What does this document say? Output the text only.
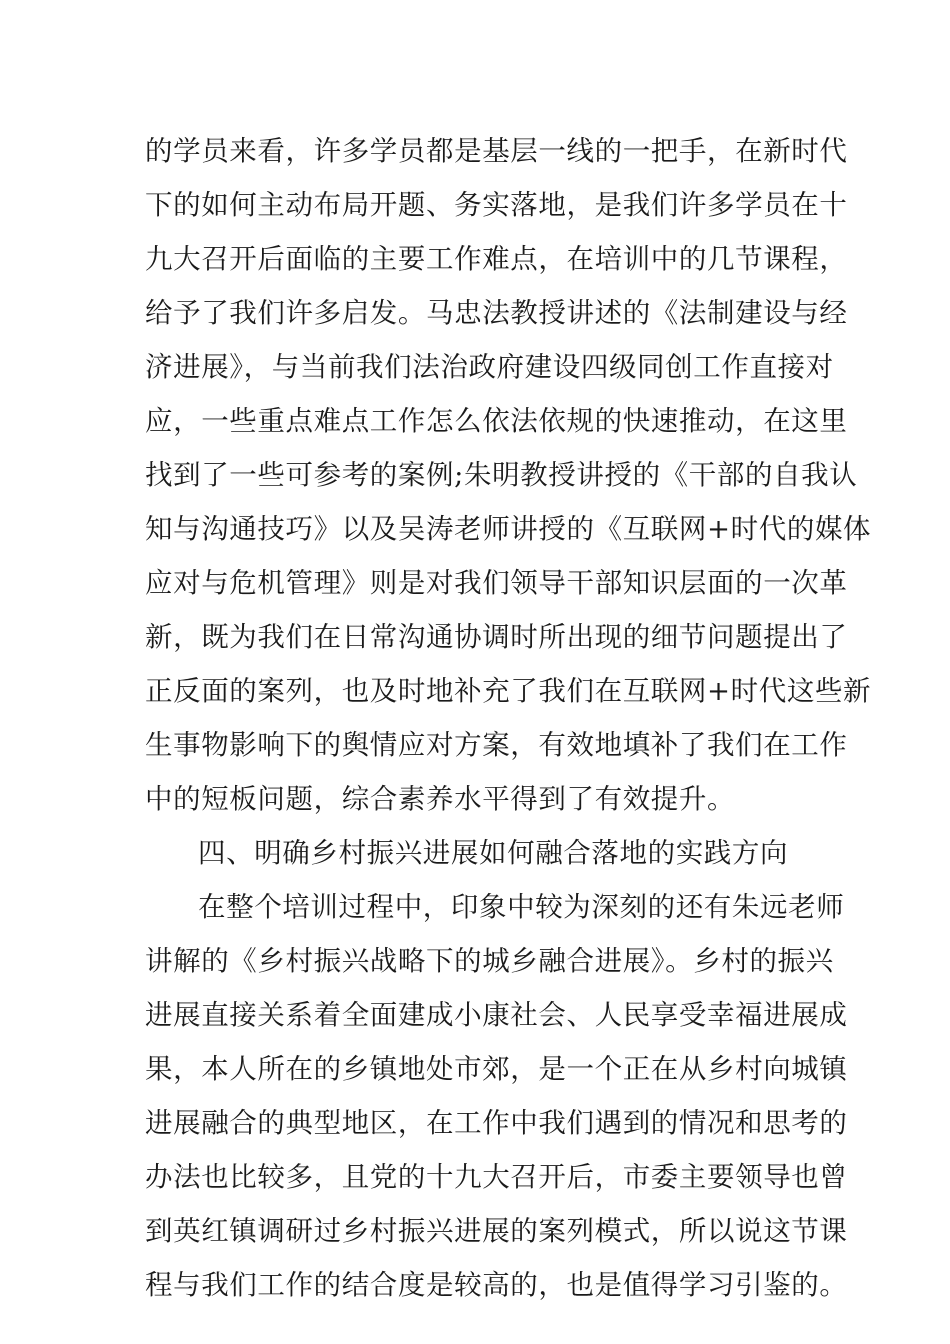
的学员来看，许多学员都是基层一线的一把手，在新时代
下的如何主动布局开题、务实落地，是我们许多学员在十
九大召开后面临的主要工作难点，在培训中的几节课程，
给予了我们许多启发。马忠法教授讲述的《法制建设与经
济进展》，与当前我们法治政府建设四级同创工作直接对
应，一些重点难点工作怎么依法依规的快速推动，在这里
找到了一些可参考的案例;朱明教授讲授的《干部的自我认
知与沟通技巧》以及吴涛老师讲授的《互联网+时代的媒体
应对与危机管理》则是对我们领导干部知识层面的一次革
新，既为我们在日常沟通协调时所出现的细节问题提出了
正反面的案列，也及时地补充了我们在互联网+时代这些新
生事物影响下的舆情应对方案，有效地填补了我们在工作
中的短板问题，综合素养水平得到了有效提升。
四、明确乡村振兴进展如何融合落地的实践方向
在整个培训过程中，印象中较为深刻的还有朱远老师
讲解的《乡村振兴战略下的城乡融合进展》。乡村的振兴
进展直接关系着全面建成小康社会、人民享受幸福进展成
果，本人所在的乡镇地处市郊，是一个正在从乡村向城镇
进展融合的典型地区，在工作中我们遇到的情况和思考的
办法也比较多，且党的十九大召开后，市委主要领导也曾
到英红镇调研过乡村振兴进展的案列模式，所以说这节课
程与我们工作的结合度是较高的，也是值得学习引鉴的。
